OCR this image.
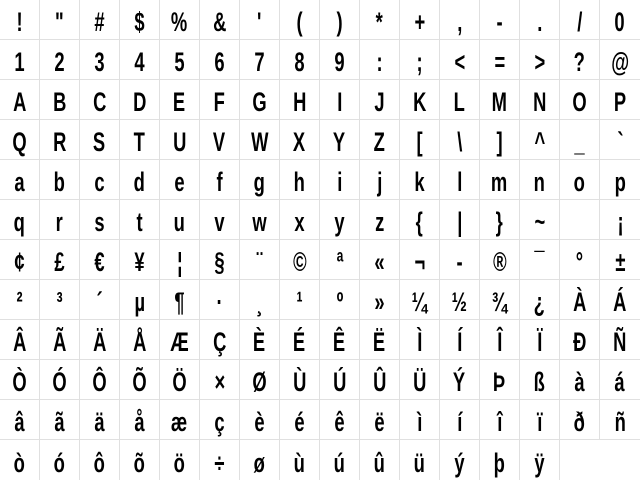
! " # $ % & ' ( ) * + , - . / 0
1 2 3 4 5 6 7 8 9 : ; < = > ? @
A B C D E F G H I J K L M N O P
Q R S T U V W X Y Z [ \ ] ^ _ `
a b c d e f g h i j k l m n o p
q r s t u v w x y z { | } ~	¡
¢ £ € ¥ ¦ § ¨ © ª « ¬ - ® ¯ ° ±
² ³ ´ µ ¶ · ¸ ¹ º » ¼ ½ ¾ ¿ À Á
Â Ã Ä Å Æ Ç È É Ê Ë Ì Í Î Ï Ð Ñ
Ò Ó Ô Õ Ö × Ø Ù Ú Û Ü Ý Þ ß à á
â ã ä å æ ç è é ê ë ì í î ï ð ñ
ò ó ô õ ö ÷ ø ù ú û ü ý þ ÿ
